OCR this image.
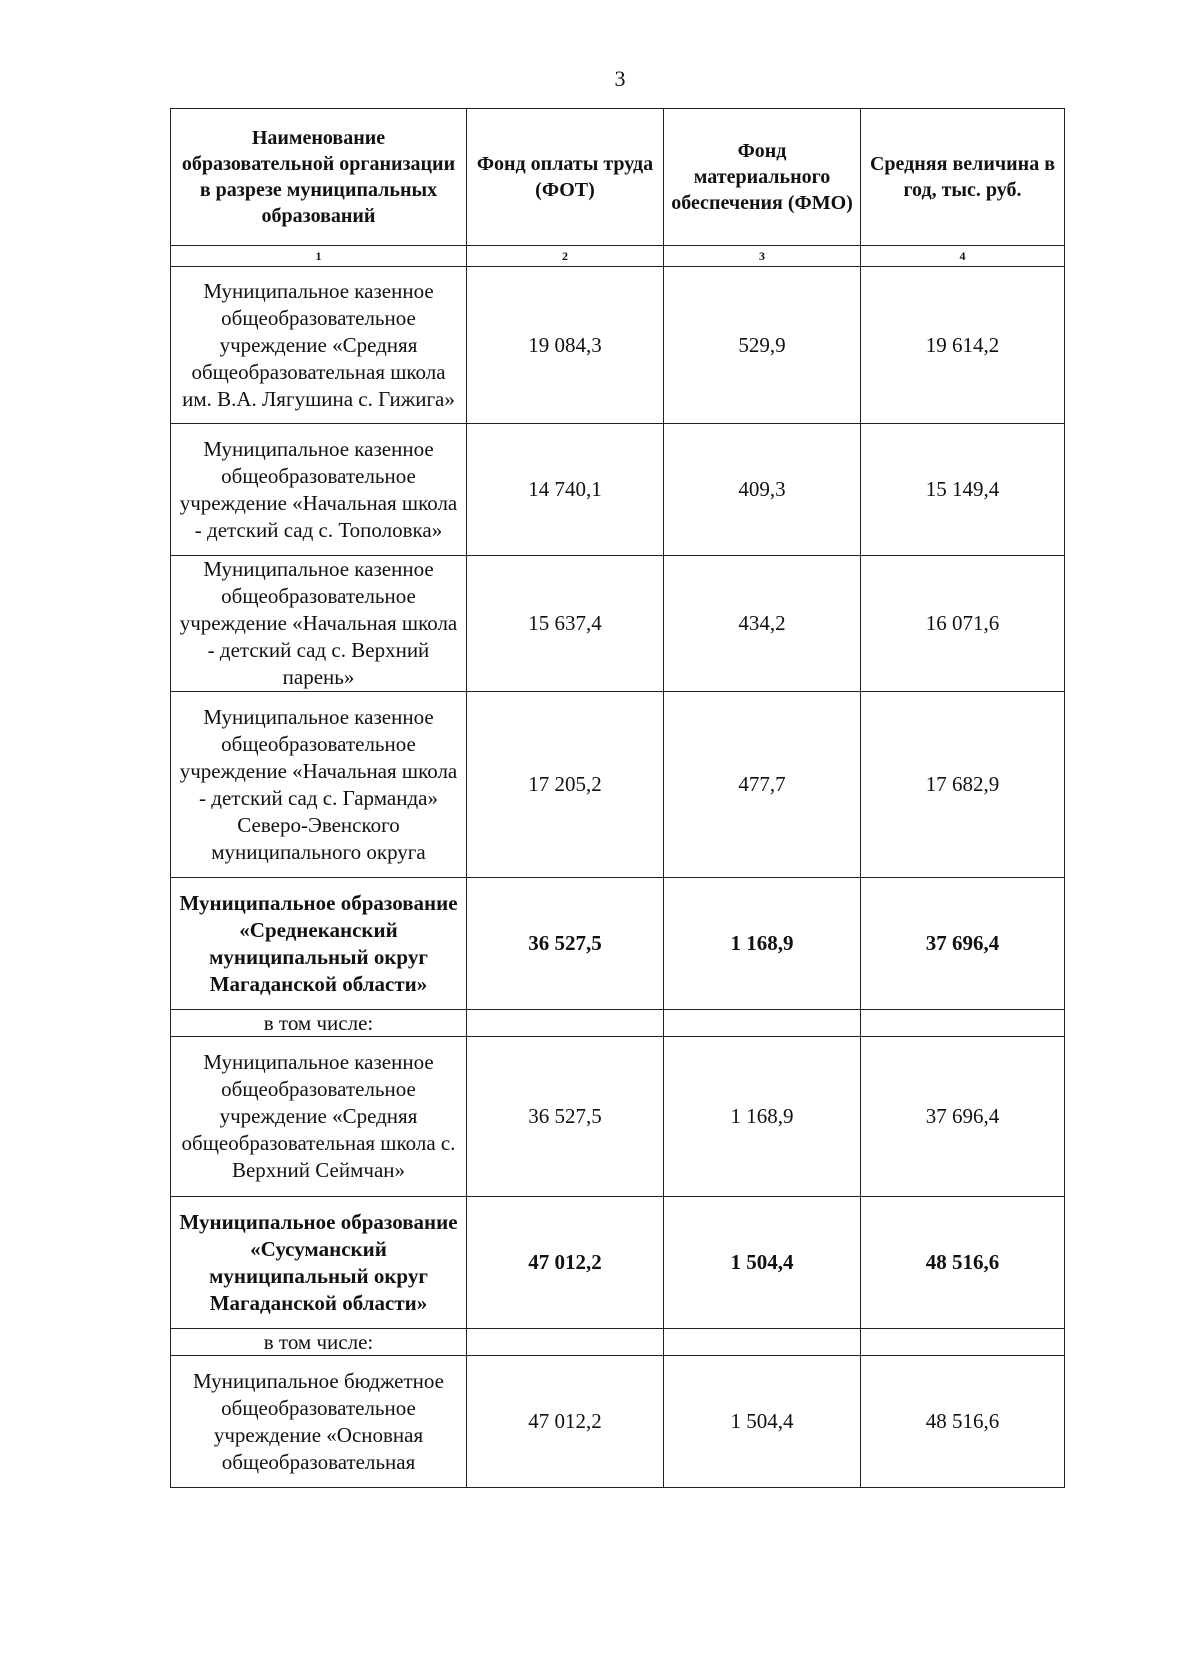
3
Наименование образовательной организации в разрезе муниципальных образований	Фонд оплаты труда (ФОТ)	Фонд материального обеспечения (ФМО)	Средняя величина в год, тыс. руб.
1	2	3	4
Муниципальное казенное общеобразовательное учреждение «Средняя общеобразовательная школа им. В.А. Лягушина с. Гижига»	19 084,3	529,9	19 614,2
Муниципальное казенное общеобразовательное учреждение «Начальная школа - детский сад с. Тополовка»	14 740,1	409,3	15 149,4
Муниципальное казенное общеобразовательное учреждение «Начальная школа - детский сад с. Верхний парень»	15 637,4	434,2	16 071,6
Муниципальное казенное общеобразовательное учреждение «Начальная школа - детский сад с. Гарманда» Северо-Эвенского муниципального округа	17 205,2	477,7	17 682,9
Муниципальное образование «Среднеканский муниципальный округ Магаданской области»	36 527,5	1 168,9	37 696,4
в том числе:			
Муниципальное казенное общеобразовательное учреждение «Средняя общеобразовательная школа с. Верхний Сеймчан»	36 527,5	1 168,9	37 696,4
Муниципальное образование «Сусуманский муниципальный округ Магаданской области»	47 012,2	1 504,4	48 516,6
в том числе:			
Муниципальное бюджетное общеобразовательное учреждение «Основная общеобразовательная	47 012,2	1 504,4	48 516,6
